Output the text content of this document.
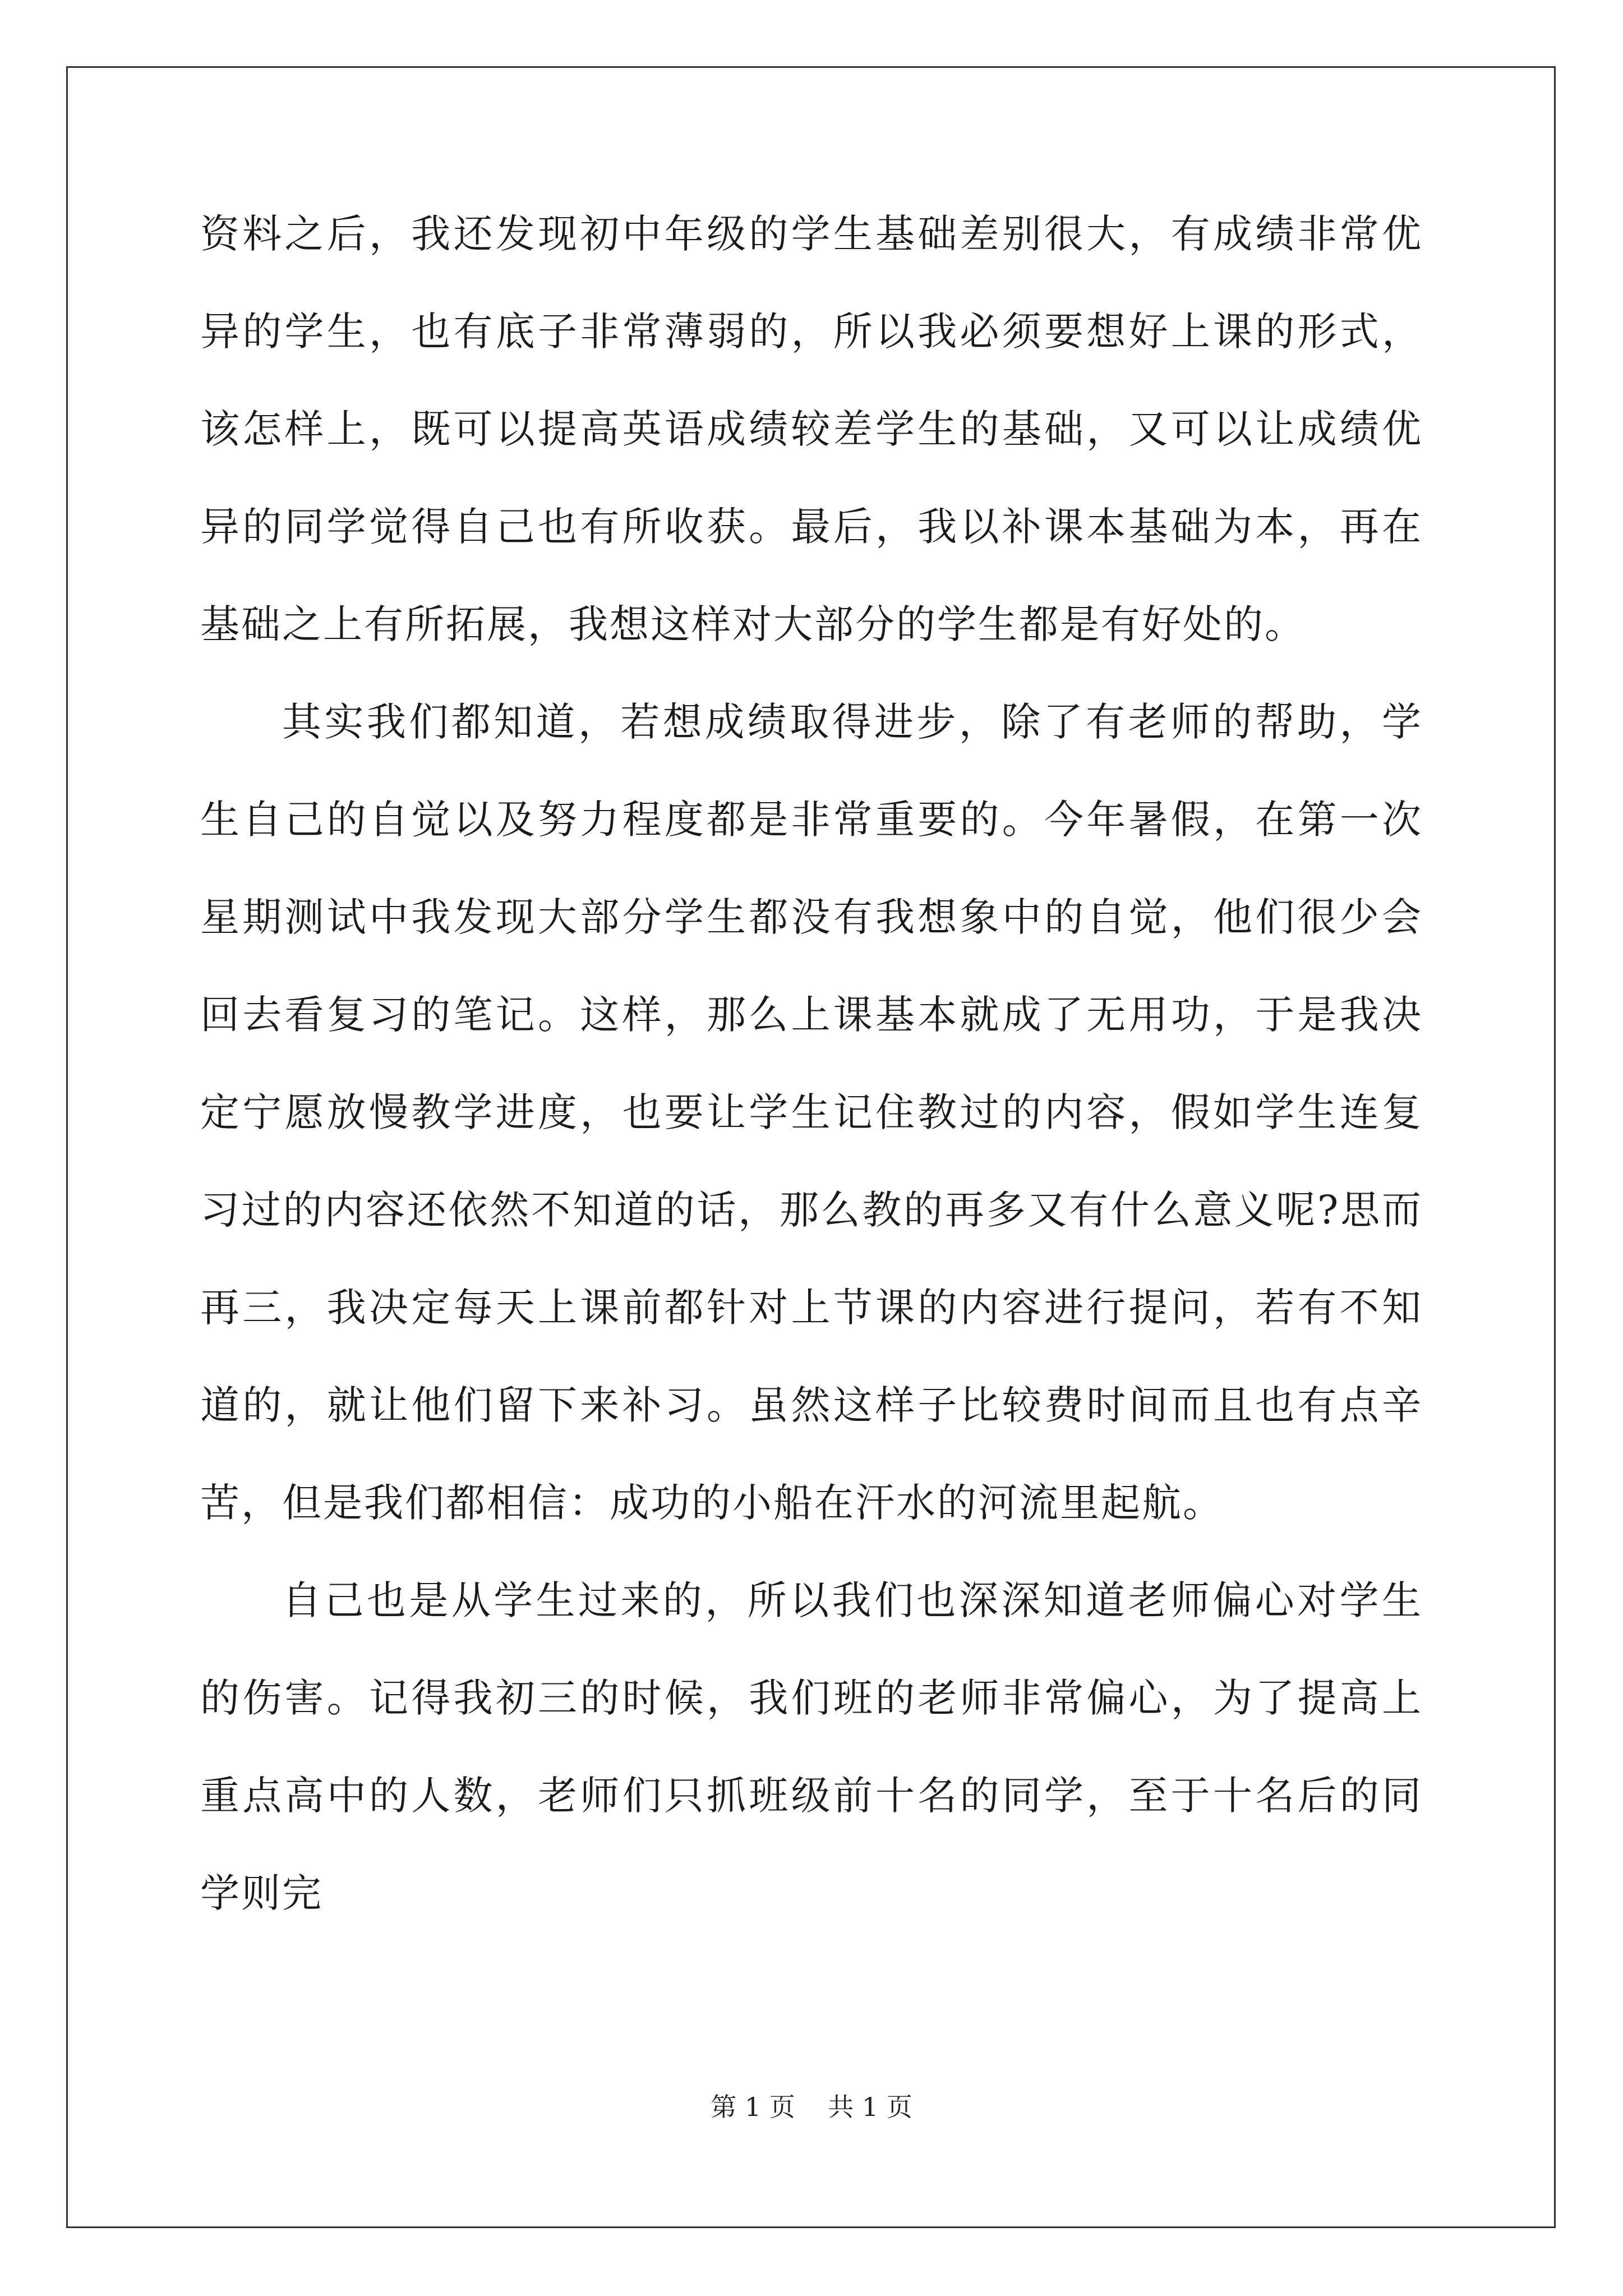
资料之后，我还发现初中年级的学生基础差别很大，有成绩非常优异的学生，也有底子非常薄弱的，所以我必须要想好上课的形式，该怎样上，既可以提高英语成绩较差学生的基础，又可以让成绩优异的同学觉得自己也有所收获。最后，我以补课本基础为本，再在基础之上有所拓展，我想这样对大部分的学生都是有好处的。

其实我们都知道，若想成绩取得进步，除了有老师的帮助，学生自己的自觉以及努力程度都是非常重要的。今年暑假，在第一次星期测试中我发现大部分学生都没有我想象中的自觉，他们很少会回去看复习的笔记。这样，那么上课基本就成了无用功，于是我决定宁愿放慢教学进度，也要让学生记住教过的内容，假如学生连复习过的内容还依然不知道的话，那么教的再多又有什么意义呢?思而再三，我决定每天上课前都针对上节课的内容进行提问，若有不知道的，就让他们留下来补习。虽然这样子比较费时间而且也有点辛苦，但是我们都相信：成功的小船在汗水的河流里起航。

自己也是从学生过来的，所以我们也深深知道老师偏心对学生的伤害。记得我初三的时候，我们班的老师非常偏心，为了提高上重点高中的人数，老师们只抓班级前十名的同学，至于十名后的同学则完

第 1 页    共 1 页
